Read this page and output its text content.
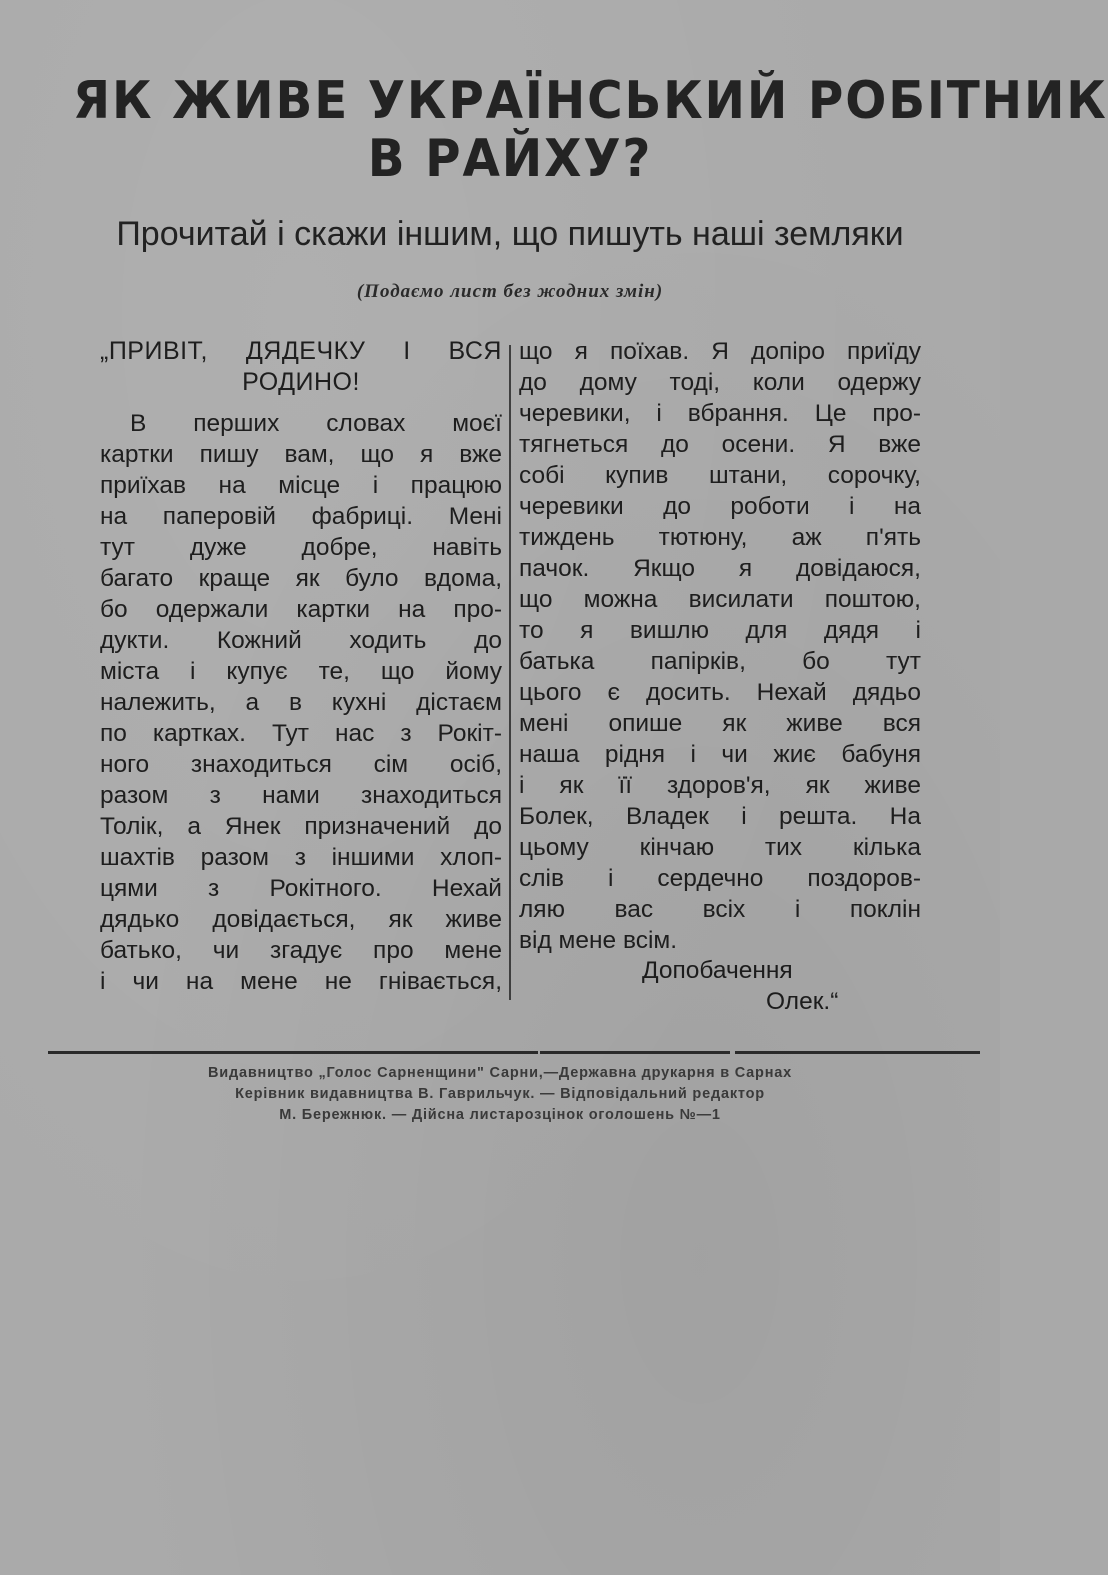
ЯК ЖИВЕ УКРАЇНСЬКИЙ РОБІТНИК
В РАЙХУ?
Прочитай і скажи іншим, що пишуть наші земляки
(Подаємо лист без жодних змін)
„ПРИВІТ, ДЯДЕЧКУ І ВСЯ
РОДИНО!
В перших словах моєї
картки пишу вам, що я вже
приїхав на місце і працюю
на паперовій фабриці. Мені
тут дуже добре, навіть
багато краще як було вдома,
бо одержали картки на про-
дукти. Кожний ходить до
міста і купує те, що йому
належить, а в кухні дістаєм
по картках. Тут нас з Рокіт-
ного знаходиться сім осіб,
разом з нами знаходиться
Толік, а Янек призначений до
шахтів разом з іншими хлоп-
цями з Рокітного. Нехай
дядько довідається, як живе
батько, чи згадує про мене
і чи на мене не гнівається,
що я поїхав. Я допіро приїду
до дому тоді, коли одержу
черевики, і вбрання. Це про-
тягнеться до осени. Я вже
собі купив штани, сорочку,
черевики до роботи і на
тиждень тютюну, аж п'ять
пачок. Якщо я довідаюся,
що можна висилати поштою,
то я вишлю для дядя і
батька папірків, бо тут
цього є досить. Нехай дядьо
мені опише як живе вся
наша рідня і чи жиє бабуня
і як її здоров'я, як живе
Болек, Владек і решта. На
цьому кінчаю тих кілька
слів і сердечно поздоров-
ляю вас всіх і поклін
від мене всім.
Допобачення
Олек.“
Видавництво „Голос Сарненщини" Сарни,—Державна друкарня в Сарнах
Керівник видавництва В. Гаврильчук. — Відповідальний редактор
М. Бережнюк. — Дійсна листарозцінок оголошень №—1
